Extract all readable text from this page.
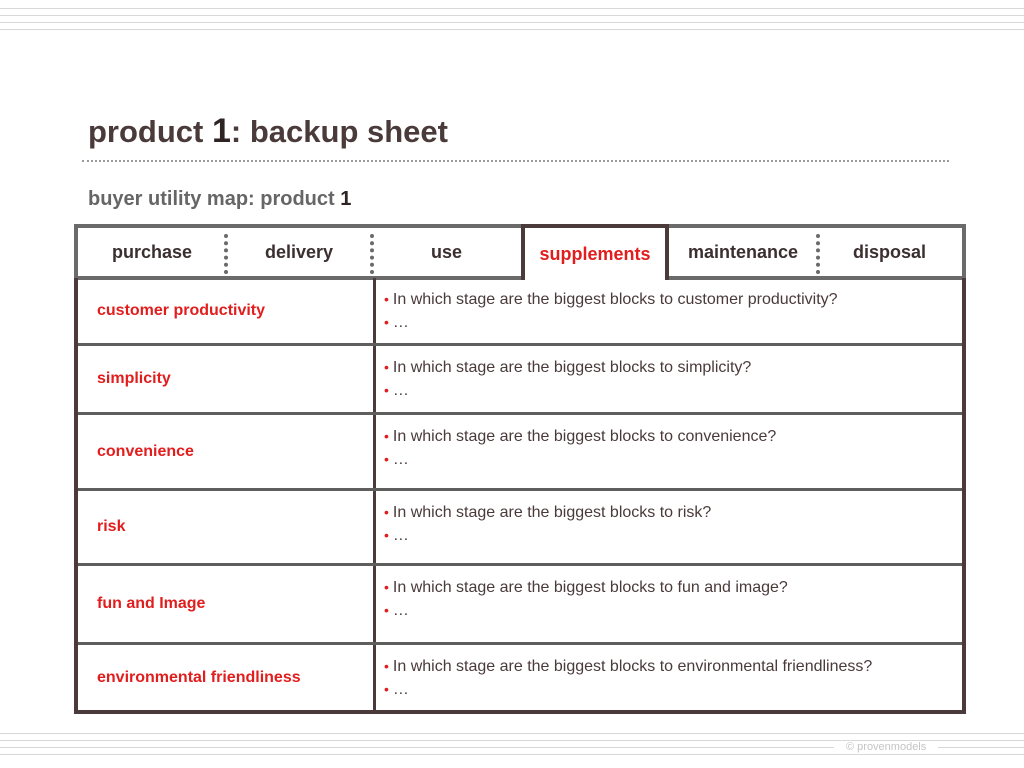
product 1: backup sheet
buyer utility map: product 1
purchase	delivery	use	supplements	maintenance	disposal
customer productivity
• In which stage are the biggest blocks to customer productivity?
• …
simplicity
• In which stage are the biggest blocks to simplicity?
• …
convenience
• In which stage are the biggest blocks to convenience?
• …
risk
• In which stage are the biggest blocks to risk?
• …
fun and Image
• In which stage are the biggest blocks to fun and image?
• …
environmental friendliness
• In which stage are the biggest blocks to environmental friendliness?
• …
© provenmodels
